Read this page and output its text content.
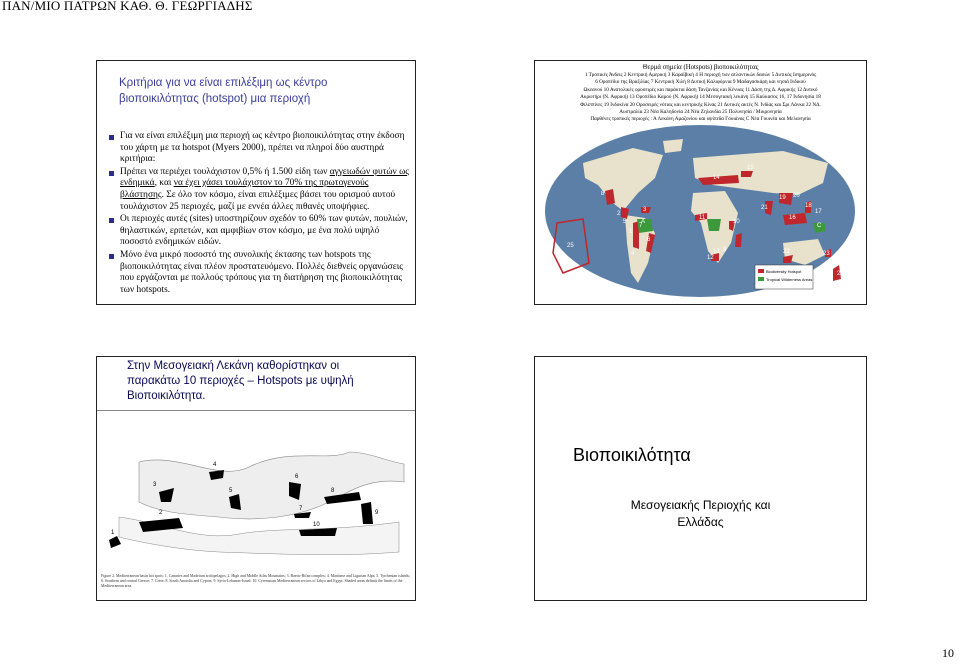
ΠΑΝ/ΜΙΟ ΠΑΤΡΩΝ ΚΑΘ. Θ. ΓΕΩΡΓΙΑΔΗΣ
Κριτήρια για να είναι επιλέξιμη ως κέντρο
βιοποικιλότητας (hotspot) μια περιοχή
Για να είναι επιλέξιμη μια περιοχή ως κέντρο βιοποικιλότητας στην έκδοση του χάρτη με τα hotspot (Myers 2000), πρέπει να πληροί δύο αυστηρά κριτήρια:
Πρέπει να περιέχει τουλάχιστον 0,5% ή 1.500 είδη των αγγειωδών φυτών ως ενδημικά, και να έχει χάσει τουλάχιστον το 70% της πρωτογενούς βλάστησης. Σε όλο τον κόσμο, είναι επιλέξιμες βάσει του ορισμού αυτού τουλάχιστον 25 περιοχές, μαζί με εννέα άλλες πιθανές υποψήφιες.
Οι περιοχές αυτές (sites) υποστηρίζουν σχεδόν το 60% των φυτών, πουλιών, θηλαστικών, ερπετών, και αμφιβίων στον κόσμο, με ένα πολύ υψηλό ποσοστό ενδημικών ειδών.
Μόνο ένα μικρό ποσοστό της συνολικής έκτασης των hotspots της βιοποικιλότητας είναι πλέον προστατευόμενο. Πολλές διεθνείς οργανώσεις που εργάζονται με πολλούς τρόπους για τη διατήρηση της βιοποικιλότητας των hotspots.
Θερμά σημεία (Hotspots) βιοποικιλότητας
1 Τροπικές Άνδεις 2 Κεντρική Αμερική 3 Καραϊβική 4 Η περιοχή των ατλαντικών δασών 5 Δυτικός Ισημερινός
6 Οροπέδιο της Βραζιλίας 7 Κεντρική Χιλή 8 Δυτική Καλιφόρνια 9 Μαδαγασκάρη και νησιά Ινδικού
Ωκεανού 10 Ανατολικές οροσειρές και παράκτια δάση Τανζανίας και Κένυας 11 Δάση της Δ. Αφρικής 12 Δυτικό
Ακρωτήρι (Ν. Αφρική) 13 Οροπέδιο Καρού (Ν. Αφρική) 14 Μεσογειακή λεκάνη 15 Καύκασος 16, 17 Ινδονησία 18
Φιλιππίνες 19 Ινδοκίνα 20 Οροσειρές νότιας και κεντρικής Κίνας 21 Δυτικές ακτές Ν. Ινδίας και Σρι Λάνκα 22 ΝΔ.
Αυστραλία 23 Νέα Καληδονία 24 Νέα Ζηλανδία 25 Πολυνησία / Μικρονησία
Παρθένες τροπικές περιοχές : Α Λεκάνη Αμαζονίου και υψίπεδα Γουιάνας C Νέα Γουινέα και Μελανησία
Biodiversity Hotspot
Tropical Wilderness Areas
8
2
3
1
5
6
4
7
A	10
9
11
12
13
14
15
19 20
21
16
17
18
22	23
24
25
C
Στην Μεσογειακή Λεκάνη καθορίστηκαν οι
παρακάτω 10 περιοχές – Hotspots με υψηλή
Βιοποικιλότητα.
1
2
3
4
5
6
7
8
9
10
Figure 2. Mediterranean basin hot spots: 1. Canaries and Madeiran archipelagos; 2. High and Middle Atlas Mountains; 3. Baetic-Rifan complex; 4. Maritime and Ligurian Alps; 5. Tyrrhenian islands; 6. Southern and central Greece; 7. Crete; 8. South Anatolia and Cyprus; 9. Syria-Lebanon-Israel; 10. Cyrenaican Mediterranean sectors of Libya and Egypt. Shaded areas delimit the limits of the Mediterranean area.
Βιοποικιλότητα
Μεσογειακής Περιοχής και
Ελλάδας
10
